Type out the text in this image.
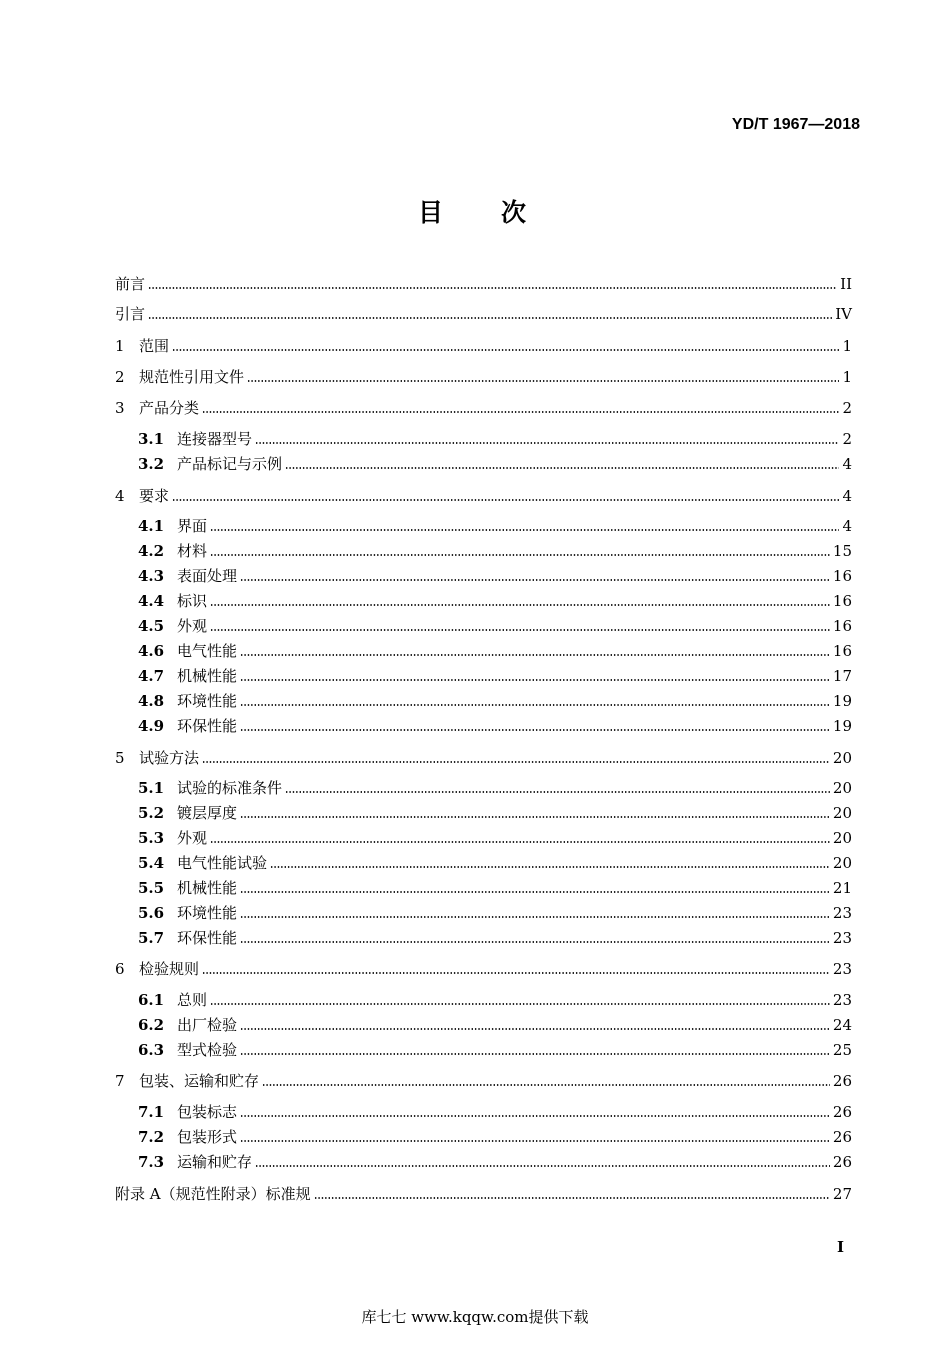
YD/T 1967—2018
目次
前言	II
引言	IV
1 范围	1
2 规范性引用文件	1
3 产品分类	2
3.1 连接器型号	2
3.2 产品标记与示例	4
4 要求	4
4.1 界面	4
4.2 材料	15
4.3 表面处理	16
4.4 标识	16
4.5 外观	16
4.6 电气性能	16
4.7 机械性能	17
4.8 环境性能	19
4.9 环保性能	19
5 试验方法	20
5.1 试验的标准条件	20
5.2 镀层厚度	20
5.3 外观	20
5.4 电气性能试验	20
5.5 机械性能	21
5.6 环境性能	23
5.7 环保性能	23
6 检验规则	23
6.1 总则	23
6.2 出厂检验	24
6.3 型式检验	25
7 包装、运输和贮存	26
7.1 包装标志	26
7.2 包装形式	26
7.3 运输和贮存	26
附录 A（规范性附录）标准规	27
I
库七七 www.kqqw.com提供下载
